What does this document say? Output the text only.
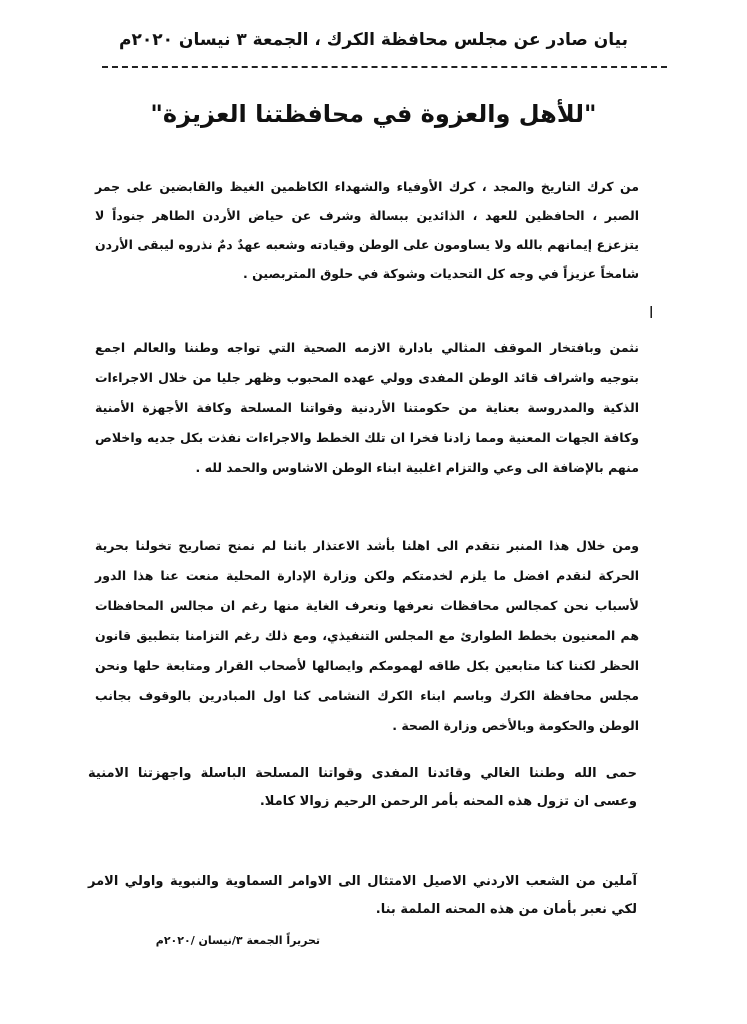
بيان صادر عن مجلس محافظة الكرك ، الجمعة ٣ نيسان ٢٠٢٠م
"للأهل والعزوة في محافظتنا العزيزة"
من كرك التاريخ والمجد ، كرك الأوفياء والشهداء الكاظمين الغيظ والقابضين على جمر الصبر ، الحافظين للعهد ، الذائدين ببسالة وشرف عن حياض الأردن الطاهر جنوداً لا يتزعزع إيمانهم بالله ولا يساومون على الوطن وقيادته وشعبه عهدٌ دمٌ نذروه ليبقى الأردن شامخاً عزيزاً في وجه كل التحديات وشوكة في حلوق المتربصين .
ا
نثمن وبافتخار الموقف المثالي بادارة الازمه الصحية التي تواجه وطننا والعالم اجمع بتوجيه واشراف قائد الوطن المفدى وولي عهده المحبوب وظهر جليا من خلال الاجراءات الذكية والمدروسة بعناية من حكومتنا الأردنية وقواتنا المسلحة وكافة الأجهزة الأمنية وكافة الجهات المعنية ومما زادنا فخرا ان تلك الخطط والاجراءات نفذت بكل جديه واخلاص منهم بالإضافة الى وعي والتزام اغلبية ابناء الوطن الاشاوس والحمد لله .
ومن خلال هذا المنبر نتقدم الى اهلنا بأشد الاعتذار باننا لم نمنح تصاريح تخولنا بحرية الحركة لنقدم افضل ما يلزم لخدمتكم ولكن وزارة الإدارة المحلية منعت عنا هذا الدور لأسباب نحن كمجالس محافظات نعرفها ونعرف الغاية منها رغم ان مجالس المحافظات هم المعنيون بخطط الطوارئ مع المجلس التنفيذي، ومع ذلك رغم التزامنا بتطبيق قانون الحظر لكننا كنا متابعين بكل طاقه لهمومكم وايصالها لأصحاب القرار ومتابعة حلها ونحن مجلس محافظة الكرك وباسم ابناء الكرك النشامى كنا اول المبادرين بالوقوف بجانب الوطن والحكومة وبالأخص وزارة الصحة .
حمى الله وطننا الغالي وقائدنا المفدى وقواتنا المسلحة الباسلة واجهزتنا الامنية وعسى ان تزول هذه المحنه بأمر الرحمن الرحيم زوالا كاملا.
آملين من الشعب الاردني الاصيل الامتثال الى الاوامر السماوية والنبوية واولي الامر لكي نعبر بأمان من هذه المحنه الملمة بنا.
تحريراً الجمعة ٣/نيسان /٢٠٢٠م
